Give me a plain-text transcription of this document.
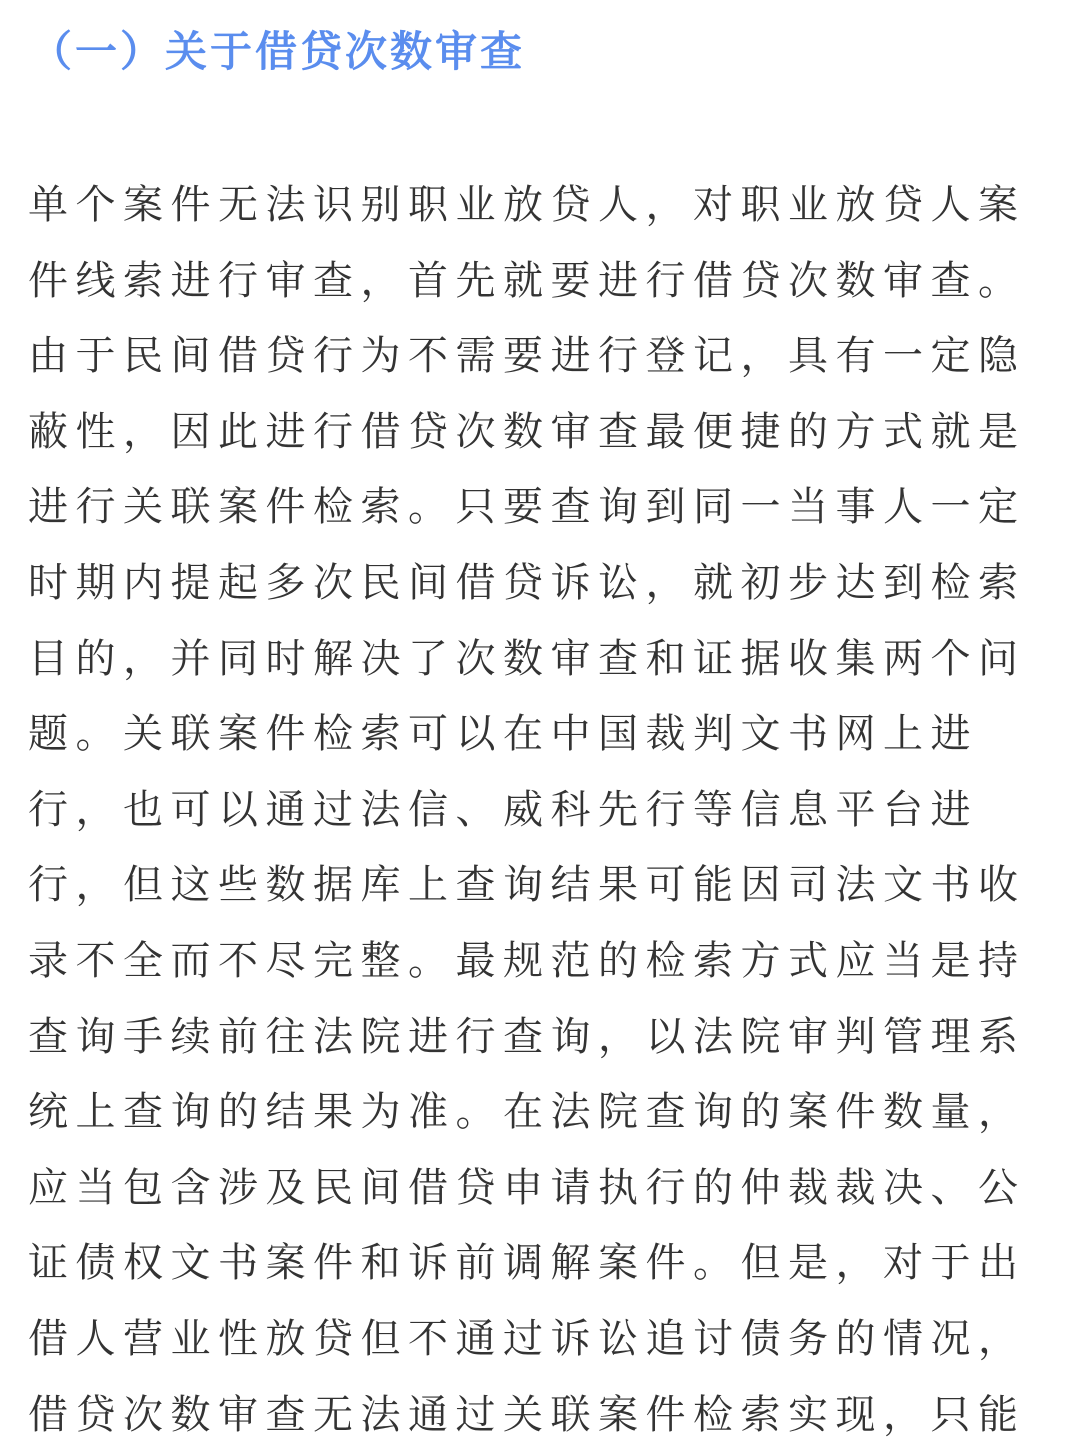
（一）关于借贷次数审查
单个案件无法识别职业放贷人，对职业放贷人案
件线索进行审查，首先就要进行借贷次数审查。
由于民间借贷行为不需要进行登记，具有一定隐
蔽性，因此进行借贷次数审查最便捷的方式就是
进行关联案件检索。只要查询到同一当事人一定
时期内提起多次民间借贷诉讼，就初步达到检索
目的，并同时解决了次数审查和证据收集两个问
题。关联案件检索可以在中国裁判文书网上进
行，也可以通过法信、威科先行等信息平台进
行，但这些数据库上查询结果可能因司法文书收
录不全而不尽完整。最规范的检索方式应当是持
查询手续前往法院进行查询，以法院审判管理系
统上查询的结果为准。在法院查询的案件数量，
应当包含涉及民间借贷申请执行的仲裁裁决、公
证债权文书案件和诉前调解案件。但是，对于出
借人营业性放贷但不通过诉讼追讨债务的情况，
借贷次数审查无法通过关联案件检索实现，只能
